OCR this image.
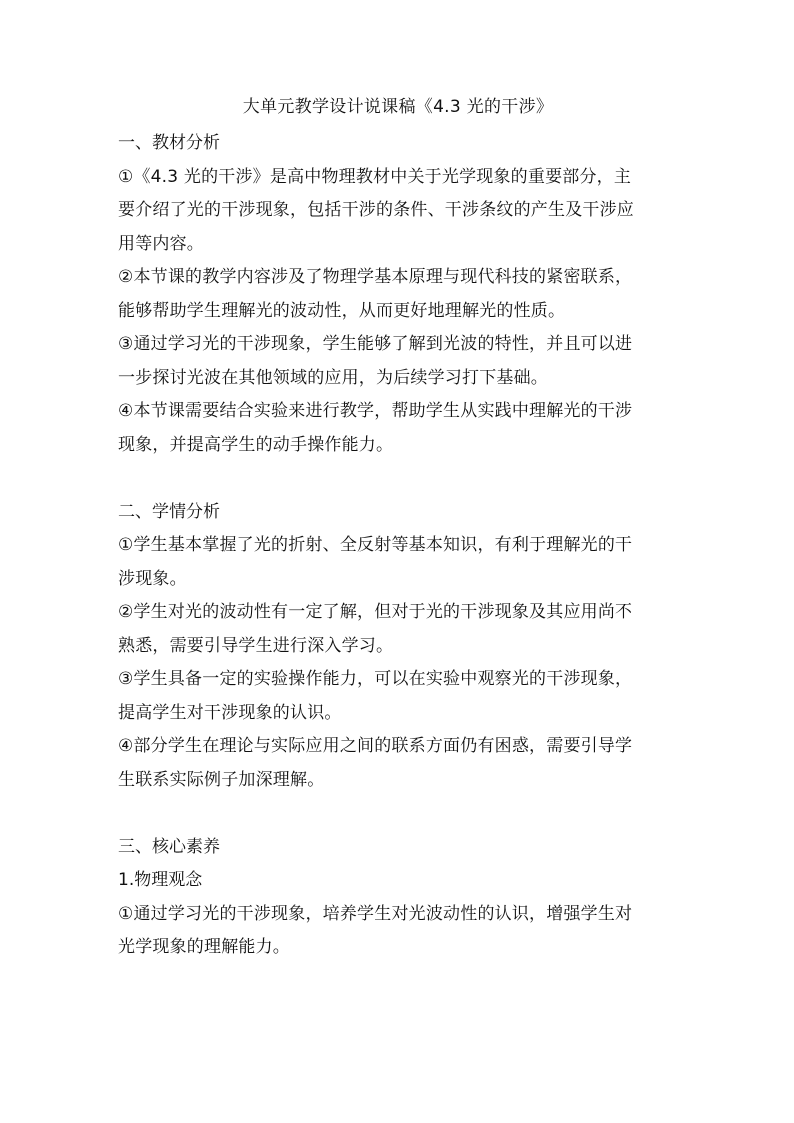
大单元教学设计说课稿《4.3 光的干涉》
一、教材分析
①《4.3 光的干涉》是高中物理教材中关于光学现象的重要部分，主
要介绍了光的干涉现象，包括干涉的条件、干涉条纹的产生及干涉应
用等内容。
②本节课的教学内容涉及了物理学基本原理与现代科技的紧密联系，
能够帮助学生理解光的波动性，从而更好地理解光的性质。
③通过学习光的干涉现象，学生能够了解到光波的特性，并且可以进
一步探讨光波在其他领域的应用，为后续学习打下基础。
④本节课需要结合实验来进行教学，帮助学生从实践中理解光的干涉
现象，并提高学生的动手操作能力。
二、学情分析
①学生基本掌握了光的折射、全反射等基本知识，有利于理解光的干
涉现象。
②学生对光的波动性有一定了解，但对于光的干涉现象及其应用尚不
熟悉，需要引导学生进行深入学习。
③学生具备一定的实验操作能力，可以在实验中观察光的干涉现象，
提高学生对干涉现象的认识。
④部分学生在理论与实际应用之间的联系方面仍有困惑，需要引导学
生联系实际例子加深理解。
三、核心素养
1.物理观念
①通过学习光的干涉现象，培养学生对光波动性的认识，增强学生对
光学现象的理解能力。
